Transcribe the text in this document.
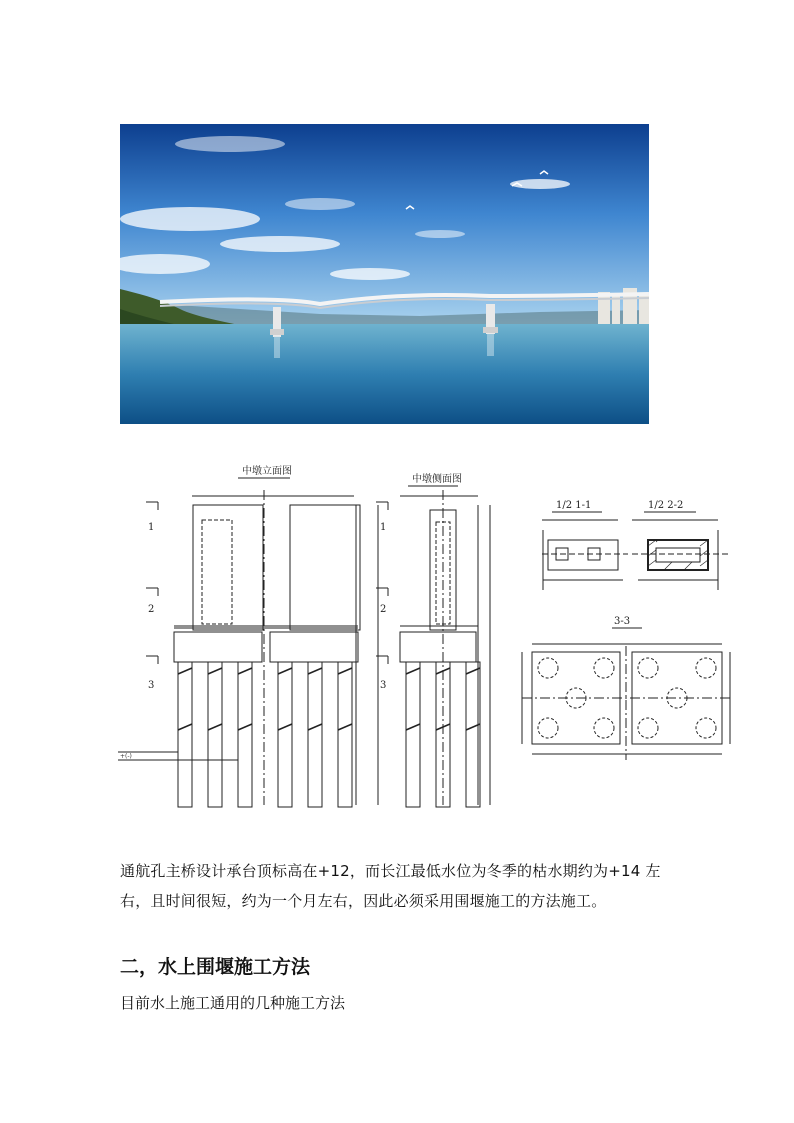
中墩立面图
+(-)
中墩侧面图
1/2 1-1	1/2 2-2
3-3
1
2
3
1
2
3
通航孔主桥设计承台顶标高在+12，而长江最低水位为冬季的枯水期约为+14 左
右，且时间很短，约为一个月左右，因此必须采用围堰施工的方法施工。
二，水上围堰施工方法
目前水上施工通用的几种施工方法
